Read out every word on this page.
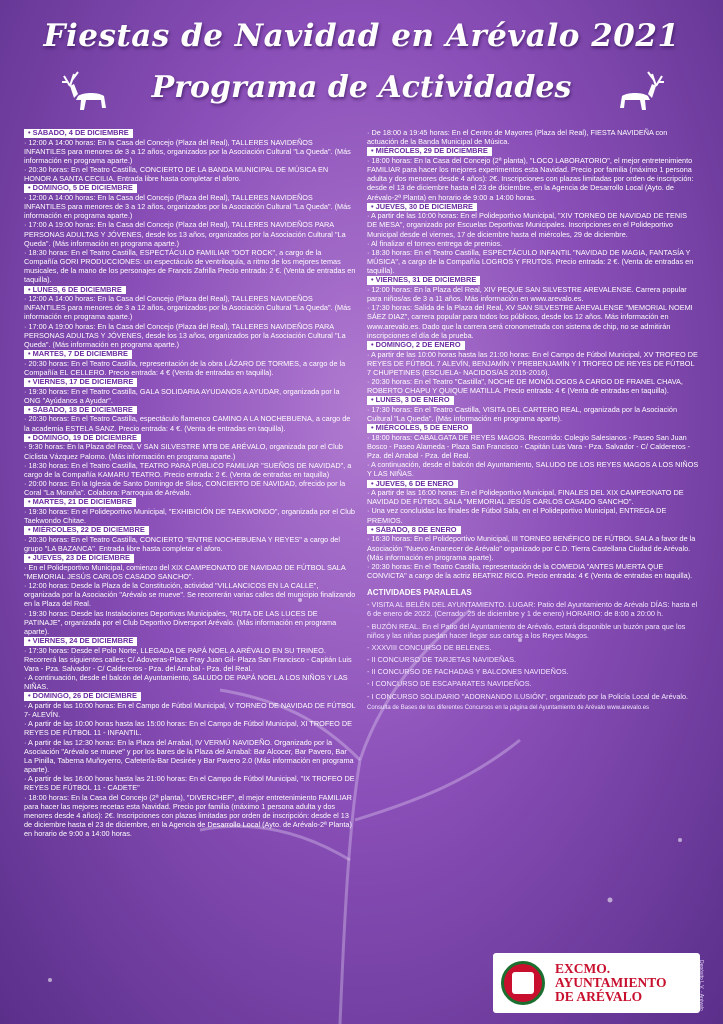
Fiestas de Navidad en Arévalo 2021
Programa de Actividades
• SÁBADO, 4 DE DICIEMBRE
· 12:00 A 14:00 horas: En la Casa del Concejo (Plaza del Real), TALLERES NAVIDEÑOS INFANTILES para menores de 3 a 12 años, organizados por la Asociación Cultural "La Queda". (Más información en programa aparte.)
· 20:30 horas: En el Teatro Castilla, CONCIERTO DE LA BANDA MUNICIPAL DE MÚSICA EN HONOR A SANTA CECILIA. Entrada libre hasta completar el aforo.
• DOMINGO, 5 DE DICIEMBRE
· 12:00 A 14:00 horas: En la Casa del Concejo (Plaza del Real), TALLERES NAVIDEÑOS INFANTILES para menores de 3 a 12 años, organizados por la Asociación Cultural "La Queda". (Más información en programa aparte.)
· 17:00 A 19:00 horas: En la Casa del Concejo (Plaza del Real), TALLERES NAVIDEÑOS PARA PERSONAS ADULTAS Y JÓVENES, desde los 13 años, organizados por la Asociación Cultural "La Queda". (Más información en programa aparte.)
· 18:30 horas: En el Teatro Castilla, ESPECTÁCULO FAMILIAR "DOT ROCK", a cargo de la Compañía GORI PRODUCCIONES: un espectáculo de ventriloquía, a ritmo de los mejores temas musicales, de la mano de los personajes de Francis Zafrilla Precio entrada: 2 €. (Venta de entradas en taquilla).
• LUNES, 6 DE DICIEMBRE
· 12:00 A 14:00 horas: En la Casa del Concejo (Plaza del Real), TALLERES NAVIDEÑOS INFANTILES para menores de 3 a 12 años, organizados por la Asociación Cultural "La Queda". (Más información en programa aparte.)
· 17:00 A 19:00 horas: En la Casa del Concejo (Plaza del Real), TALLERES NAVIDEÑOS PARA PERSONAS ADULTAS Y JÓVENES, desde los 13 años, organizados por la Asociación Cultural "La Queda". (Más información en programa aparte.)
• MARTES, 7 DE DICIEMBRE
· 20:30 horas: En el Teatro Castilla, representación de la obra LÁZARO DE TORMES, a cargo de la Compañía EL CELLERO. Precio entrada: 4 € (Venta de entradas en taquilla).
• VIERNES, 17 DE DICIEMBRE
· 19:30 horas: En el Teatro Castilla, GALA SOLIDARIA AYUDANOS A AYUDAR, organizada por la ONG "Ayúdanos a Ayudar".
• SÁBADO, 18 DE DICIEMBRE
· 20:30 horas: En el Teatro Castilla, espectáculo flamenco CAMINO A LA NOCHEBUENA, a cargo de la academia ESTELA SANZ. Precio entrada: 4 €. (Venta de entradas en taquilla).
• DOMINGO, 19 DE DICIEMBRE
· 9:30 horas: En la Plaza del Real, V SAN SILVESTRE MTB DE ARÉVALO, organizada por el Club Ciclista Vázquez Palomo. (Más información en programa aparte.)
· 18:30 horas: En el Teatro Castilla, TEATRO PARA PÚBLICO FAMILIAR "SUEÑOS DE NAVIDAD", a cargo de la Compañía KAMARU TEATRO. Precio entrada: 2 €. (Venta de entradas en taquilla)
· 20:00 horas: En la Iglesia de Santo Domingo de Silos, CONCIERTO DE NAVIDAD, ofrecido por la Coral "La Moraña". Colabora: Parroquia de Arévalo.
• MARTES, 21 DE DICIEMBRE
· 19:30 horas: En el Polideportivo Municipal, "EXHIBICIÓN DE TAEKWONDO", organizada por el Club Taekwondo Chitae.
• MIÉRCOLES, 22 DE DICIEMBRE
· 20:30 horas: En el Teatro Castilla, CONCIERTO "ENTRE NOCHEBUENA Y REYES" a cargo del grupo "LA BAZANCA". Entrada libre hasta completar el aforo.
• JUEVES, 23 DE DICIEMBRE
· En el Polideportivo Municipal, comienzo del XIX CAMPEONATO DE NAVIDAD DE FÚTBOL SALA "MEMORIAL JESÚS CARLOS CASADO SANCHO".
· 12:00 horas: Desde la Plaza de la Constitución, actividad "VILLANCICOS EN LA CALLE", organizada por la Asociación "Arévalo se mueve". Se recorrerán varias calles del municipio finalizando en la Plaza del Real.
· 19:30 horas: Desde las Instalaciones Deportivas Municipales, "RUTA DE LAS LUCES DE PATINAJE", organizada por el Club Deportivo Diversport Arévalo. (Más información en programa aparte).
• VIERNES, 24 DE DICIEMBRE
· 17:30 horas: Desde el Polo Norte, LLEGADA DE PAPÁ NOEL A ARÉVALO EN SU TRINEO. Recorrerá las siguientes calles: C/ Adoveras-Plaza Fray Juan Gil- Plaza San Francisco - Capitán Luis Vara - Pza. Salvador - C/ Caldereros - Pza. del Arrabal - Pza. del Real.
· A continuación, desde el balcón del Ayuntamiento, SALUDO DE PAPÁ NOEL A LOS NIÑOS Y LAS NIÑAS.
• DOMINGO, 26 DE DICIEMBRE
· A partir de las 10:00 horas: En el Campo de Fútbol Municipal, V TORNEO DE NAVIDAD DE FÚTBOL 7- ALEVÍN.
· A partir de las 10:00 horas hasta las 15:00 horas: En el Campo de Fútbol Municipal, XI TROFEO DE REYES DE FÚTBOL 11 - INFANTIL.
· A partir de las 12:30 horas: En la Plaza del Arrabal, IV VERMÚ NAVIDEÑO. Organizado por la Asociación "Arévalo se mueve" y por los bares de la Plaza del Arrabal: Bar Alcocer, Bar Pavero, Bar La Pinilla, Taberna Muñoyerro, Cafetería-Bar Desirée y Bar Pavero 2.0 (Más información en programa aparte).
· A partir de las 16:00 horas hasta las 21:00 horas: En el Campo de Fútbol Municipal, "IX TROFEO DE REYES DE FÚTBOL 11 - CADETE"
· 18:00 horas: En la Casa del Concejo (2ª planta), "DIVERCHEF", el mejor entretenimiento FAMILIAR para hacer las mejores recetas esta Navidad. Precio por familia (máximo 1 persona adulta y dos menores desde 4 años): 2€. Inscripciones con plazas limitadas por orden de inscripción: desde el 13 de diciembre hasta el 23 de diciembre, en la Agencia de Desarrollo Local (Ayto. de Arévalo-2ª Planta) en horario de 9:00 a 14:00 horas.
· De 18:00 a 19:45 horas: En el Centro de Mayores (Plaza del Real), FIESTA NAVIDEÑA con actuación de la Banda Municipal de Música.
• MIÉRCOLES, 29 DE DICIEMBRE
· 18:00 horas: En la Casa del Concejo (2ª planta), "LOCO LABORATORIO", el mejor entretenimiento FAMILIAR para hacer los mejores experimentos esta Navidad. Precio por familia (máximo 1 persona adulta y dos menores desde 4 años): 2€. Inscripciones con plazas limitadas por orden de inscripción: desde el 13 de diciembre hasta el 23 de diciembre, en la Agencia de Desarrollo Local (Ayto. de Arévalo-2ª Planta) en horario de 9:00 a 14:00 horas.
• JUEVES, 30 DE DICIEMBRE
· A partir de las 10:00 horas: En el Polideportivo Municipal, "XIV TORNEO DE NAVIDAD DE TENIS DE MESA", organizado por Escuelas Deportivas Municipales. Inscripciones en el Polideportivo Municipal desde el viernes, 17 de diciembre hasta el miércoles, 29 de diciembre.
· Al finalizar el torneo entrega de premios.
· 18:30 horas: En el Teatro Castilla, ESPECTÁCULO INFANTIL "NAVIDAD DE MAGIA, FANTASÍA Y MÚSICA", a cargo de la Compañía LOGROS Y FRUTOS. Precio entrada: 2 €. (Venta de entradas en taquilla).
• VIERNES, 31 DE DICIEMBRE
· 12:00 horas: En la Plaza del Real, XIV PEQUE SAN SILVESTRE AREVALENSE. Carrera popular para niños/as de 3 a 11 años. Más información en www.arevalo.es.
· 17:30 horas: Salida de la Plaza del Real, XV SAN SILVESTRE AREVALENSE "MEMORIAL NOEMI SÁEZ DIAZ", carrera popular para todos los públicos, desde los 12 años. Más información en www.arevalo.es. Dado que la carrera será cronometrada con sistema de chip, no se admitirán inscripciones el día de la prueba.
• DOMINGO, 2 DE ENERO
· A partir de las 10:00 horas hasta las 21:00 horas: En el Campo de Fútbol Municipal, XV TROFEO DE REYES DE FÚTBOL 7 ALEVÍN, BENJAMÍN Y PREBENJAMÍN Y I TROFEO DE REYES DE FÚTBOL 7 CHUPETINES (ESCUELA- NACIDOS/AS 2015-2016).
· 20:30 horas: En el Teatro "Castilla", NOCHE DE MONÓLOGOS A CARGO DE FRANEL CHAVA, ROBERTO CHAPU Y QUIQUE MATILLA. Precio entrada: 4 € (Venta de entradas en taquilla).
• LUNES, 3 DE ENERO
· 17:30 horas: En el Teatro Castilla, VISITA DEL CARTERO REAL, organizada por la Asociación Cultural "La Queda". (Más información en programa aparte).
• MIÉRCOLES, 5 DE ENERO
· 18:00 horas: CABALGATA DE REYES MAGOS. Recorrido: Colegio Salesianos - Paseo San Juan Bosco - Paseo Alameda - Plaza San Francisco - Capitán Luis Vara - Pza. Salvador - C/ Caldereros - Pza. del Arrabal - Pza. del Real.
· A continuación, desde el balcón del Ayuntamiento, SALUDO DE LOS REYES MAGOS A LOS NIÑOS Y LAS NIÑAS.
• JUEVES, 6 DE ENERO
· A partir de las 16:00 horas: En el Polideportivo Municipal, FINALES DEL XIX CAMPEONATO DE NAVIDAD DE FÚTBOL SALA "MEMORIAL JESÚS CARLOS CASADO SANCHO".
· Una vez concluidas las finales de Fútbol Sala, en el Polideportivo Municipal, ENTREGA DE PREMIOS.
• SÁBADO, 8 DE ENERO
· 16:30 horas: En el Polideportivo Municipal, III TORNEO BENÉFICO DE FÚTBOL SALA a favor de la Asociación "Nuevo Amanecer de Arévalo" organizado por C.D. Tierra Castellana Ciudad de Arévalo. (Más información en programa aparte).
· 20:30 horas: En el Teatro Castilla, representación de la COMEDIA "ANTES MUERTA QUE CONVICTA" a cargo de la actriz BEATRIZ RICO. Precio entrada: 4 € (Venta de entradas en taquilla).
ACTIVIDADES PARALELAS
- VISITA AL BELÉN DEL AYUNTAMIENTO. LUGAR: Patio del Ayuntamiento de Arévalo DÍAS: hasta el 6 de enero de 2022. (Cerrado: 25 de diciembre y 1 de enero) HORARIO: de 8:00 a 20:00 h.
- BUZÓN REAL. En el Patio del Ayuntamiento de Arévalo, estará disponible un buzón para que los niños y las niñas puedan hacer llegar sus cartas a los Reyes Magos.
- XXXVIII CONCURSO DE BELENES.
- II CONCURSO DE TARJETAS NAVIDEÑAS.
- II CONCURSO DE FACHADAS Y BALCONES NAVIDEÑOS.
- I CONCURSO DE ESCAPARATES NAVIDEÑOS.
- I CONCURSO SOLIDARIO "ADORNANDO ILUSIÓN", organizado por la Policía Local de Arévalo.
Consulta de Bases de los diferentes Concursos en la página del Ayuntamiento de Arévalo www.arevalo.es
EXCMO.
AYUNTAMIENTO
DE ARÉVALO	Depósito L.V. - Arévalo
